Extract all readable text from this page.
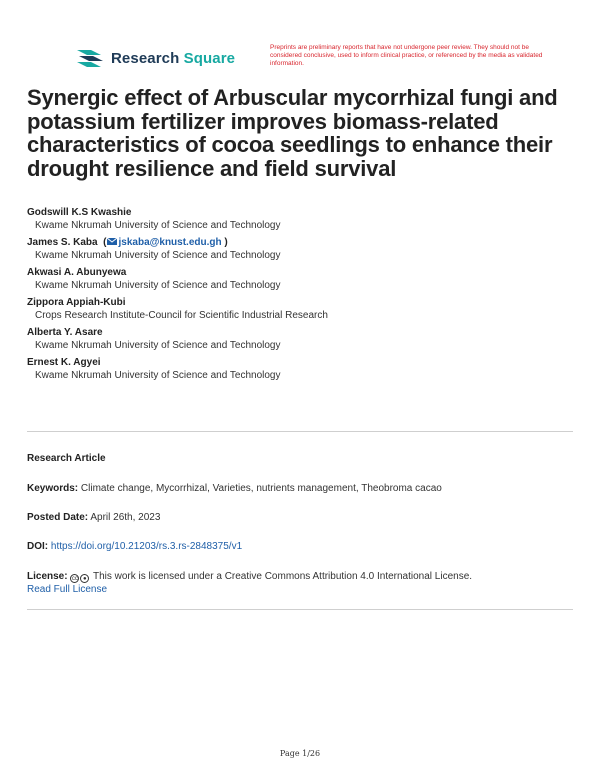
Research Square
Preprints are preliminary reports that have not undergone peer review. They should not be considered conclusive, used to inform clinical practice, or referenced by the media as validated information.
Synergic effect of Arbuscular mycorrhizal fungi and potassium fertilizer improves biomass-related characteristics of cocoa seedlings to enhance their drought resilience and field survival
Godswill K.S Kwashie
Kwame Nkrumah University of Science and Technology
James S. Kaba  ( jskaba@knust.edu.gh )
Kwame Nkrumah University of Science and Technology
Akwasi A. Abunyewa
Kwame Nkrumah University of Science and Technology
Zippora Appiah-Kubi
Crops Research Institute-Council for Scientific Industrial Research
Alberta Y. Asare
Kwame Nkrumah University of Science and Technology
Ernest K. Agyei
Kwame Nkrumah University of Science and Technology
Research Article
Keywords: Climate change, Mycorrhizal, Varieties, nutrients management, Theobroma cacao
Posted Date: April 26th, 2023
DOI: https://doi.org/10.21203/rs.3.rs-2848375/v1
License: cc ● This work is licensed under a Creative Commons Attribution 4.0 International License.
Read Full License
Page 1/26
